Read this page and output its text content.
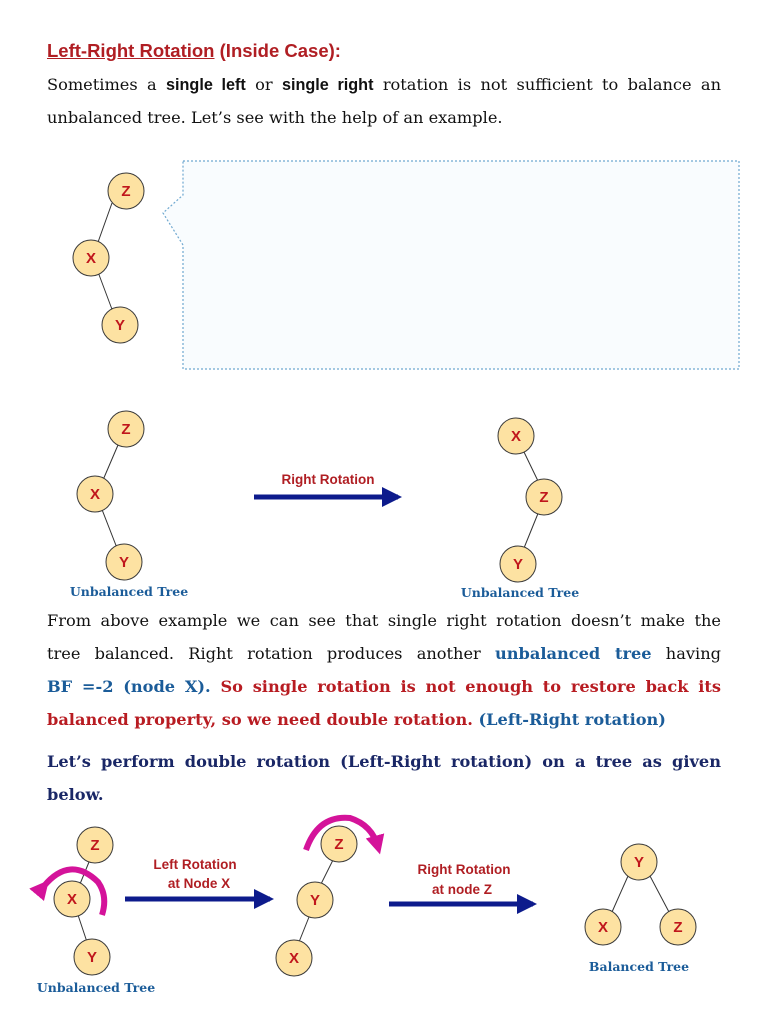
Left-Right Rotation (Inside Case):
Sometimes a single left or single right rotation is not sufficient to balance an
unbalanced tree. Let’s see with the help of an example.
From above example we can see that single right rotation doesn’t make the
tree balanced. Right rotation produces another unbalanced tree having
BF =-2 (node X). So single rotation is not enough to restore back its
balanced property, so we need double rotation. (Left-Right rotation)
Let’s perform double rotation (Left-Right rotation) on a tree as given
below.
Z
X
Y
Z
X
Y
Unbalanced Tree
Right Rotation
X
Z
Y
Unbalanced Tree
Z
X
Y
Unbalanced Tree
Left Rotation
at Node X
Z
Y
X
Right Rotation
at node Z
Y
X	Z
Balanced Tree
